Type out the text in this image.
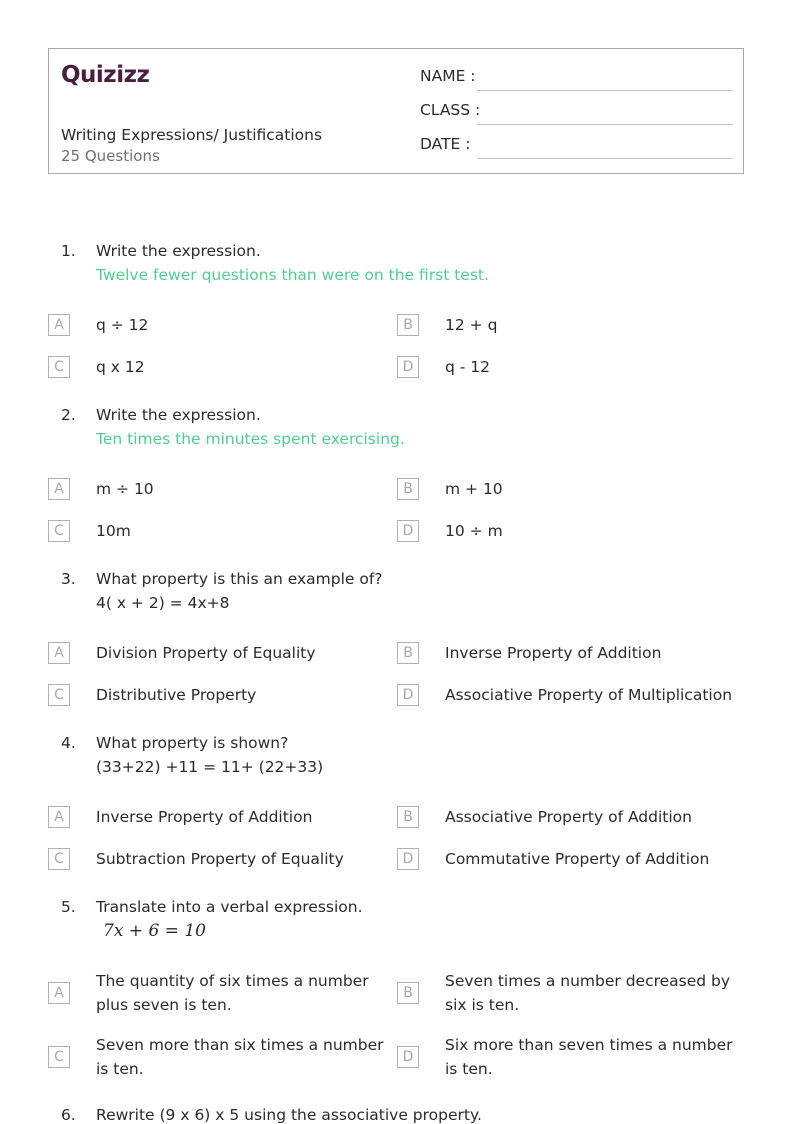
Quizizz
Writing Expressions/ Justifications
25 Questions
NAME :
CLASS :
DATE :
1. Write the expression.
Twelve fewer questions than were on the first test.
A	q ÷ 12	B	12 + q
C	q x 12	D	q - 12
2. Write the expression.
Ten times the minutes spent exercising.
A	m ÷ 10	B	m + 10
C	10m	D	10 ÷ m
3. What property is this an example of?
4( x + 2) = 4x+8
A	Division Property of Equality	B	Inverse Property of Addition
C	Distributive Property	D	Associative Property of Multiplication
4. What property is shown?
(33+22) +11 = 11+ (22+33)
A	Inverse Property of Addition	B	Associative Property of Addition
C	Subtraction Property of Equality	D	Commutative Property of Addition
5. Translate into a verbal expression.
7x + 6 = 10
A
The quantity of six times a number plus seven is ten.
B
Seven times a number decreased by six is ten.
C
Seven more than six times a number is ten.
D
Six more than seven times a number is ten.
6. Rewrite (9 x 6) x 5 using the associative property.
